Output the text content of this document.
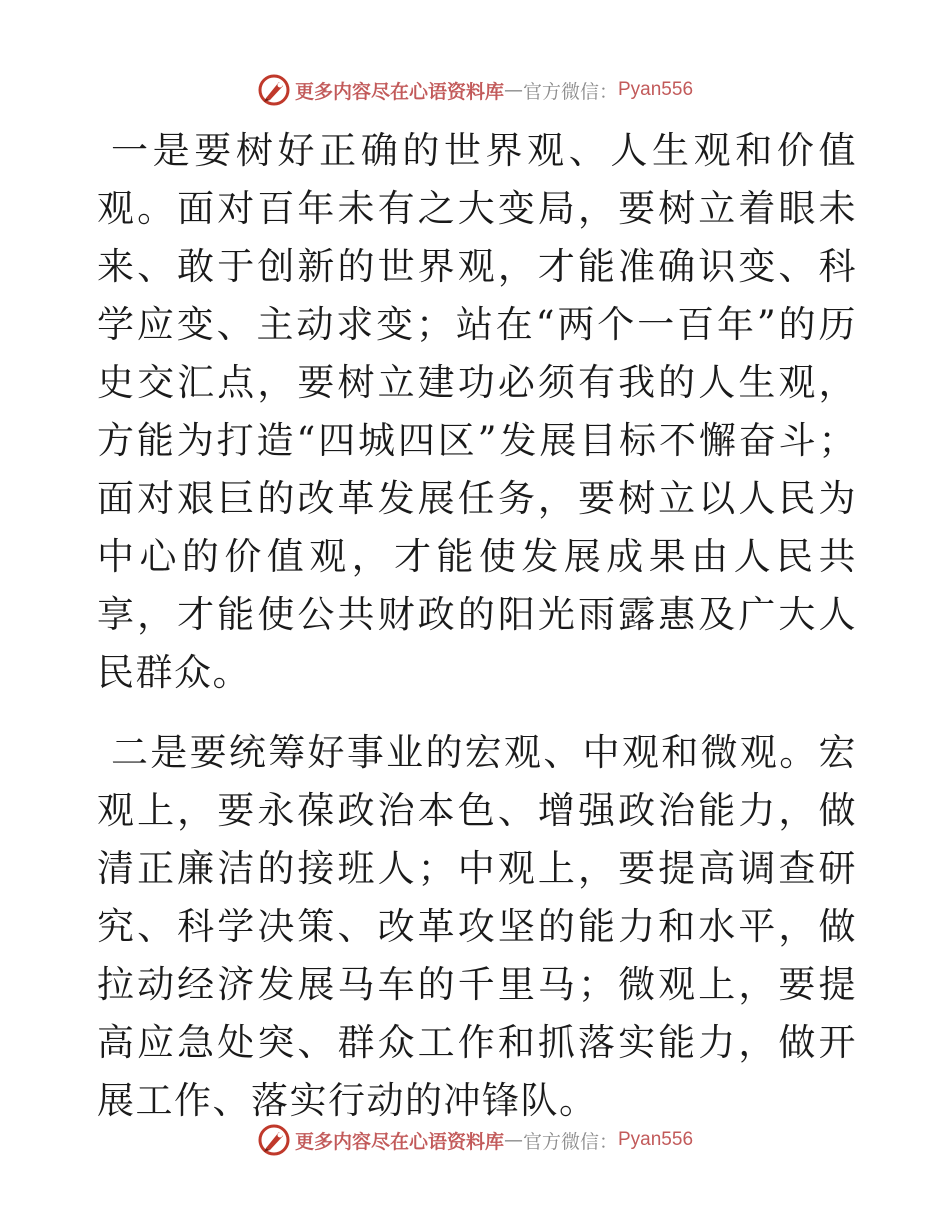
更多内容尽在心语资料库 — 官方微信： Pyan556

一是要树好正确的世界观、人生观和价值观。面对百年未有之大变局，要树立着眼未来、敢于创新的世界观，才能准确识变、科学应变、主动求变；站在“两个一百年”的历史交汇点，要树立建功必须有我的人生观，方能为打造“四城四区”发展目标不懈奋斗；面对艰巨的改革发展任务，要树立以人民为中心的价值观，才能使发展成果由人民共享，才能使公共财政的阳光雨露惠及广大人民群众。

二是要统筹好事业的宏观、中观和微观。宏观上，要永葆政治本色、增强政治能力，做清正廉洁的接班人；中观上，要提高调查研究、科学决策、改革攻坚的能力和水平，做拉动经济发展马车的千里马；微观上，要提高应急处突、群众工作和抓落实能力，做开展工作、落实行动的冲锋队。

更多内容尽在心语资料库 — 官方微信： Pyan556
